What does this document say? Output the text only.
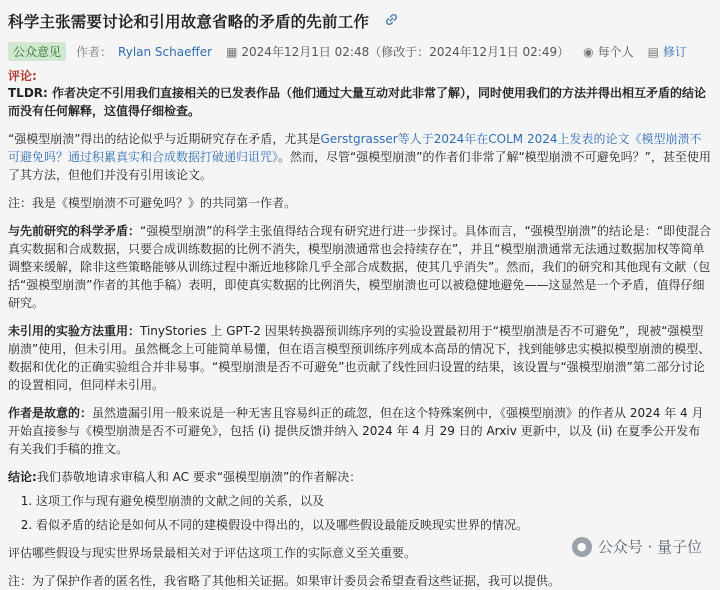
科学主张需要讨论和引用故意省略的矛盾的先前工作
公众意见	作者： Rylan Schaeffer ▦ 2024年12月1日 02:48（修改于：2024年12月1日 02:49） ◉ 每个人 ▤ 修订
评论:

TLDR: 作者决定不引用我们直接相关的已发表作品（他们通过大量互动对此非常了解），同时使用我们的方法并得出相互矛盾的结论而没有任何解释，这值得仔细检查。

“强模型崩溃”得出的结论似乎与近期研究存在矛盾，尤其是Gerstgrasser等人于2024年在COLM 2024上发表的论文《模型崩溃不可避免吗？通过积累真实和合成数据打破递归诅咒》。然而，尽管“强模型崩溃”的作者们非常了解“模型崩溃不可避免吗？”，甚至使用了其方法，但他们并没有引用该论文。

注：我是《模型崩溃不可避免吗？》的共同第一作者。

与先前研究的科学矛盾：“强模型崩溃”的科学主张值得结合现有研究进行进一步探讨。具体而言，“强模型崩溃”的结论是：“即使混合真实数据和合成数据，只要合成训练数据的比例不消失，模型崩溃通常也会持续存在”，并且“模型崩溃通常无法通过数据加权等简单调整来缓解，除非这些策略能够从训练过程中渐近地移除几乎全部合成数据，使其几乎消失”。然而，我们的研究和其他现有文献（包括“强模型崩溃”作者的其他手稿）表明，即使真实数据的比例消失，模型崩溃也可以被稳健地避免——这显然是一个矛盾，值得仔细研究。

未引用的实验方法重用：TinyStories 上 GPT-2 因果转换器预训练序列的实验设置最初用于“模型崩溃是否不可避免”，现被“强模型崩溃”使用，但未引用。虽然概念上可能简单易懂，但在语言模型预训练序列成本高昂的情况下，找到能够忠实模拟模型崩溃的模型、数据和优化的正确实验组合并非易事。“模型崩溃是否不可避免”也贡献了线性回归设置的结果，该设置与“强模型崩溃”第二部分讨论的设置相同，但同样未引用。

作者是故意的：虽然遗漏引用一般来说是一种无害且容易纠正的疏忽，但在这个特殊案例中，《强模型崩溃》的作者从 2024 年 4 月开始直接参与《模型崩溃是否不可避免》，包括 (i) 提供反馈并纳入 2024 年 4 月 29 日的 Arxiv 更新中，以及 (ii) 在夏季公开发布有关我们手稿的推文。

结论:我们恭敬地请求审稿人和 AC 要求“强模型崩溃”的作者解决：

1. 这项工作与现有避免模型崩溃的文献之间的关系，以及
2. 看似矛盾的结论是如何从不同的建模假设中得出的，以及哪些假设最能反映现实世界的情况。

评估哪些假设与现实世界场景最相关对于评估这项工作的实际意义至关重要。

注：为了保护作者的匿名性，我省略了其他相关证据。如果审计委员会希望查看这些证据，我可以提供。

● 公众号 · 量子位
